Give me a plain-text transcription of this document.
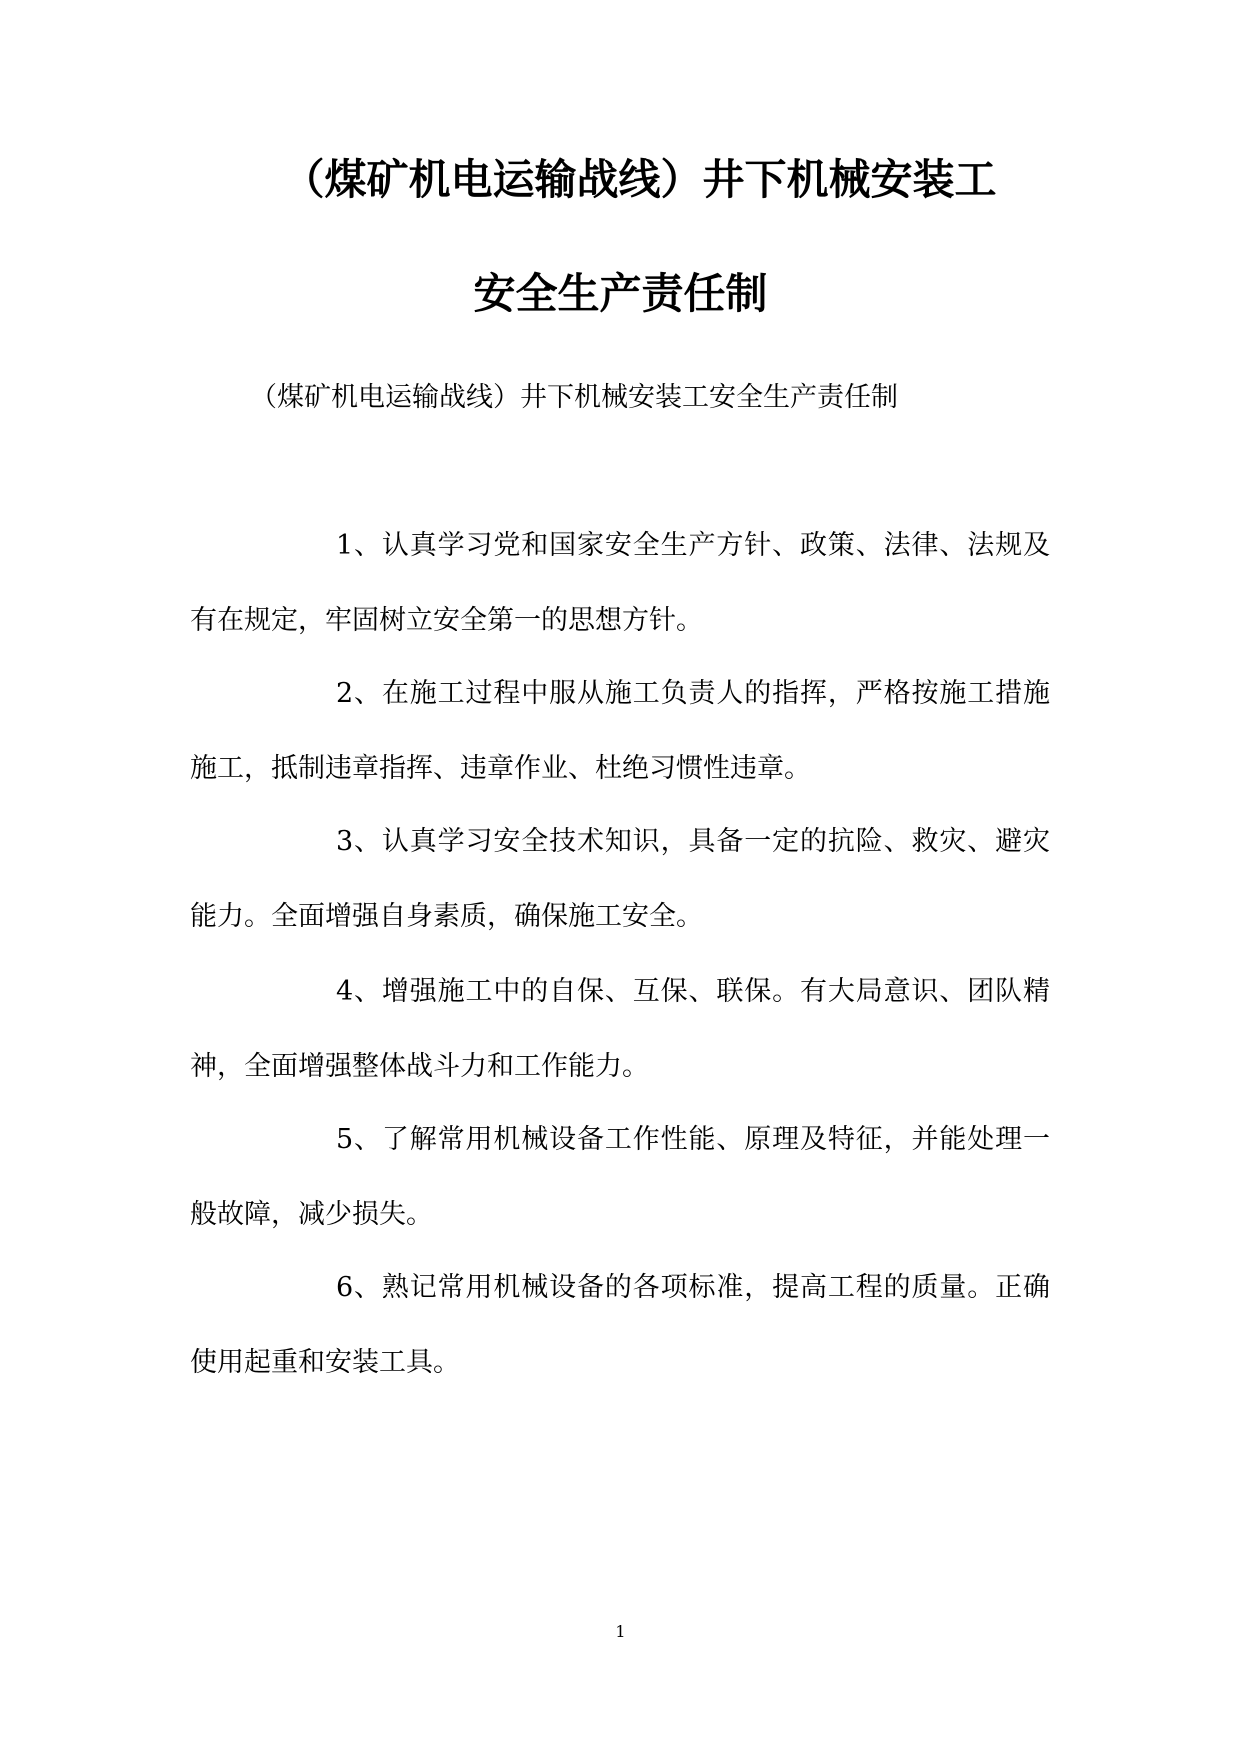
（煤矿机电运输战线）井下机械安装工
安全生产责任制
（煤矿机电运输战线）井下机械安装工安全生产责任制
1、认真学习党和国家安全生产方针、政策、法律、法规及有在规定，牢固树立安全第一的思想方针。
2、在施工过程中服从施工负责人的指挥，严格按施工措施施工，抵制违章指挥、违章作业、杜绝习惯性违章。
3、认真学习安全技术知识，具备一定的抗险、救灾、避灾能力。全面增强自身素质，确保施工安全。
4、增强施工中的自保、互保、联保。有大局意识、团队精神，全面增强整体战斗力和工作能力。
5、了解常用机械设备工作性能、原理及特征，并能处理一般故障，减少损失。
6、熟记常用机械设备的各项标准，提高工程的质量。正确使用起重和安装工具。
1
